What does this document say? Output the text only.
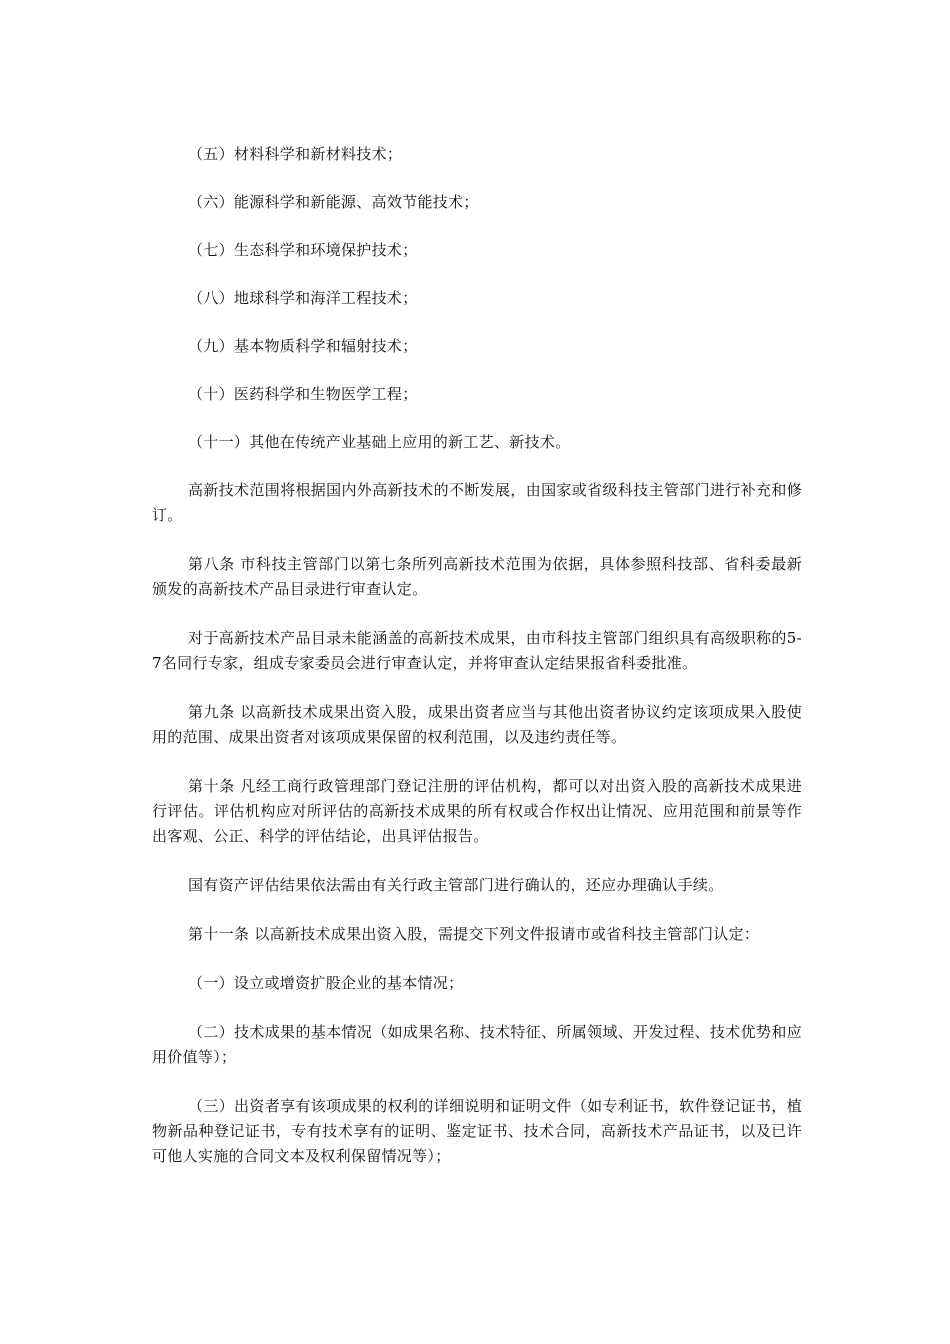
（五）材料科学和新材料技术；

（六）能源科学和新能源、高效节能技术；

（七）生态科学和环境保护技术；

（八）地球科学和海洋工程技术；

（九）基本物质科学和辐射技术；

（十）医药科学和生物医学工程；

（十一）其他在传统产业基础上应用的新工艺、新技术。

高新技术范围将根据国内外高新技术的不断发展，由国家或省级科技主管部门进行补充和修订。

第八条 市科技主管部门以第七条所列高新技术范围为依据，具体参照科技部、省科委最新颁发的高新技术产品目录进行审查认定。

对于高新技术产品目录未能涵盖的高新技术成果，由市科技主管部门组织具有高级职称的5-7名同行专家，组成专家委员会进行审查认定，并将审查认定结果报省科委批准。

第九条 以高新技术成果出资入股，成果出资者应当与其他出资者协议约定该项成果入股使用的范围、成果出资者对该项成果保留的权利范围，以及违约责任等。

第十条 凡经工商行政管理部门登记注册的评估机构，都可以对出资入股的高新技术成果进行评估。评估机构应对所评估的高新技术成果的所有权或合作权出让情况、应用范围和前景等作出客观、公正、科学的评估结论，出具评估报告。

国有资产评估结果依法需由有关行政主管部门进行确认的，还应办理确认手续。

第十一条 以高新技术成果出资入股，需提交下列文件报请市或省科技主管部门认定：

（一）设立或增资扩股企业的基本情况；

（二）技术成果的基本情况（如成果名称、技术特征、所属领域、开发过程、技术优势和应用价值等）；

（三）出资者享有该项成果的权利的详细说明和证明文件（如专利证书，软件登记证书，植物新品种登记证书，专有技术享有的证明、鉴定证书、技术合同，高新技术产品证书，以及已许可他人实施的合同文本及权利保留情况等）；
